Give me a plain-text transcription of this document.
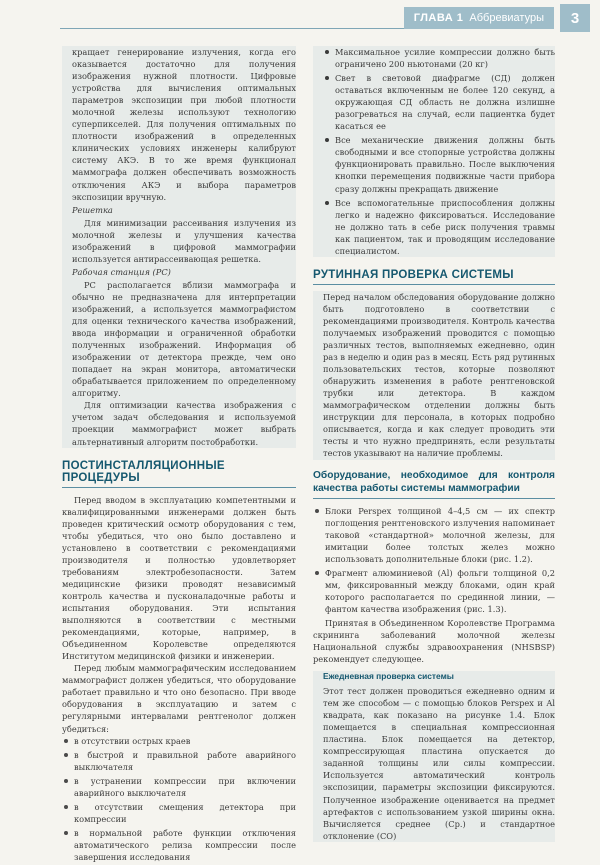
ГЛАВА 1 Аббревиатуры	3

кращает генерирование излучения, когда его оказывается достаточно для получения изображения нужной плотности. Цифровые устройства для вычисления оптимальных параметров экспозиции при любой плотности молочной железы используют технологию суперпикселей. Для получения оптимальных по плотности изображений в определенных клинических условиях инженеры калибруют систему АКЭ. В то же время функционал маммографа должен обеспечивать возможность отключения АКЭ и выбора параметров экспозиции вручную.

Решетка

Для минимизации рассеивания излучения из молочной железы и улучшения качества изображений в цифровой маммографии используется антирассеивающая решетка.

Рабочая станция (PC)

PC располагается вблизи маммографа и обычно не предназначена для интерпретации изображений, а используется маммографистом для оценки технического качества изображений, ввода информации и ограниченной обработки полученных изображений. Информация об изображении от детектора прежде, чем оно попадает на экран монитора, автоматически обрабатывается приложением по определенному алгоритму.

Для оптимизации качества изображения с учетом задач обследования и используемой проекции маммографист может выбрать альтернативный алгоритм постобработки.

ПОСТИНСТАЛЛЯЦИОННЫЕ ПРОЦЕДУРЫ

Перед вводом в эксплуатацию компетентными и квалифицированными инженерами должен быть проведен критический осмотр оборудования с тем, чтобы убедиться, что оно было доставлено и установлено в соответствии с рекомендациями производителя и полностью удовлетворяет требованиям электробезопасности. Затем медицинские физики проводят независимый контроль качества и пусконаладочные работы и испытания оборудования. Эти испытания выполняются в соответствии с местными рекомендациями, которые, например, в Объединенном Королевстве определяются Институтом медицинской физики и инженерии.

Перед любым маммографическим исследованием маммографист должен убедиться, что оборудование работает правильно и что оно безопасно. При вводе оборудования в эксплуатацию и затем с регулярными интервалами рентгенолог должен убедиться:

в отсутствии острых краев
в быстрой и правильной работе аварийного выключателя
в устранении компрессии при включении аварийного выключателя
в отсутствии смещения детектора при компрессии
в нормальной работе функции отключения автоматического релиза компрессии после завершения исследования
Максимальное усилие компрессии должно быть ограничено 200 ньютонами (20 кг)
Свет в световой диафрагме (СД) должен оставаться включенным не более 120 секунд, а окружающая СД область не должна излишне разогреваться на случай, если пациентка будет касаться ее
Все механические движения должны быть свободными и все стопорные устройства должны функционировать правильно. После выключения кнопки перемещения подвижные части прибора сразу должны прекращать движение
Все вспомогательные приспособления должны легко и надежно фиксироваться. Исследование не должно тать в себе риск получения травмы как пациентом, так и проводящим исследование специалистом.
РУТИННАЯ ПРОВЕРКА СИСТЕМЫ

Перед началом обследования оборудование должно быть подготовлено в соответствии с рекомендациями производителя. Контроль качества получаемых изображений проводится с помощью различных тестов, выполняемых ежедневно, один раз в неделю и один раз в месяц. Есть ряд рутинных пользовательских тестов, которые позволяют обнаружить изменения в работе рентгеновской трубки или детектора. В каждом маммографическом отделении должны быть инструкции для персонала, в которых подробно описывается, когда и как следует проводить эти тесты и что нужно предпринять, если результаты тестов указывают на наличие проблемы.

Оборудование, необходимое для контроля качества работы системы маммографии
Блоки Perspex толщиной 4–4,5 см — их спектр поглощения рентгеновского излучения напоминает таковой «стандартной» молочной железы, для имитации более толстых желез можно использовать дополнительные блоки (рис. 1.2).
Фрагмент алюминиевой (Al) фольги толщиной 0,2 мм, фиксированный между блоками, один край которого располагается по срединной линии, — фантом качества изображения (рис. 1.3).

Принятая в Объединенном Королевстве Программа скрининга заболеваний молочной железы Национальной службы здравоохранения (NHSBSP) рекомендует следующее.

Ежедневная проверка системы

Этот тест должен проводиться ежедневно одним и тем же способом — с помощью блоков Perspex и Al квадрата, как показано на рисунке 1.4. Блок помещается в специальная компрессионная пластина. Блок помещается на детектор, компрессирующая пластина опускается до заданной толщины или силы компрессии. Используется автоматический контроль экспозиции, параметры экспозиции фиксируются. Полученное изображение оценивается на предмет артефактов с использованием узкой ширины окна. Вычисляется среднее (Ср.) и стандартное отклонение (СО)
